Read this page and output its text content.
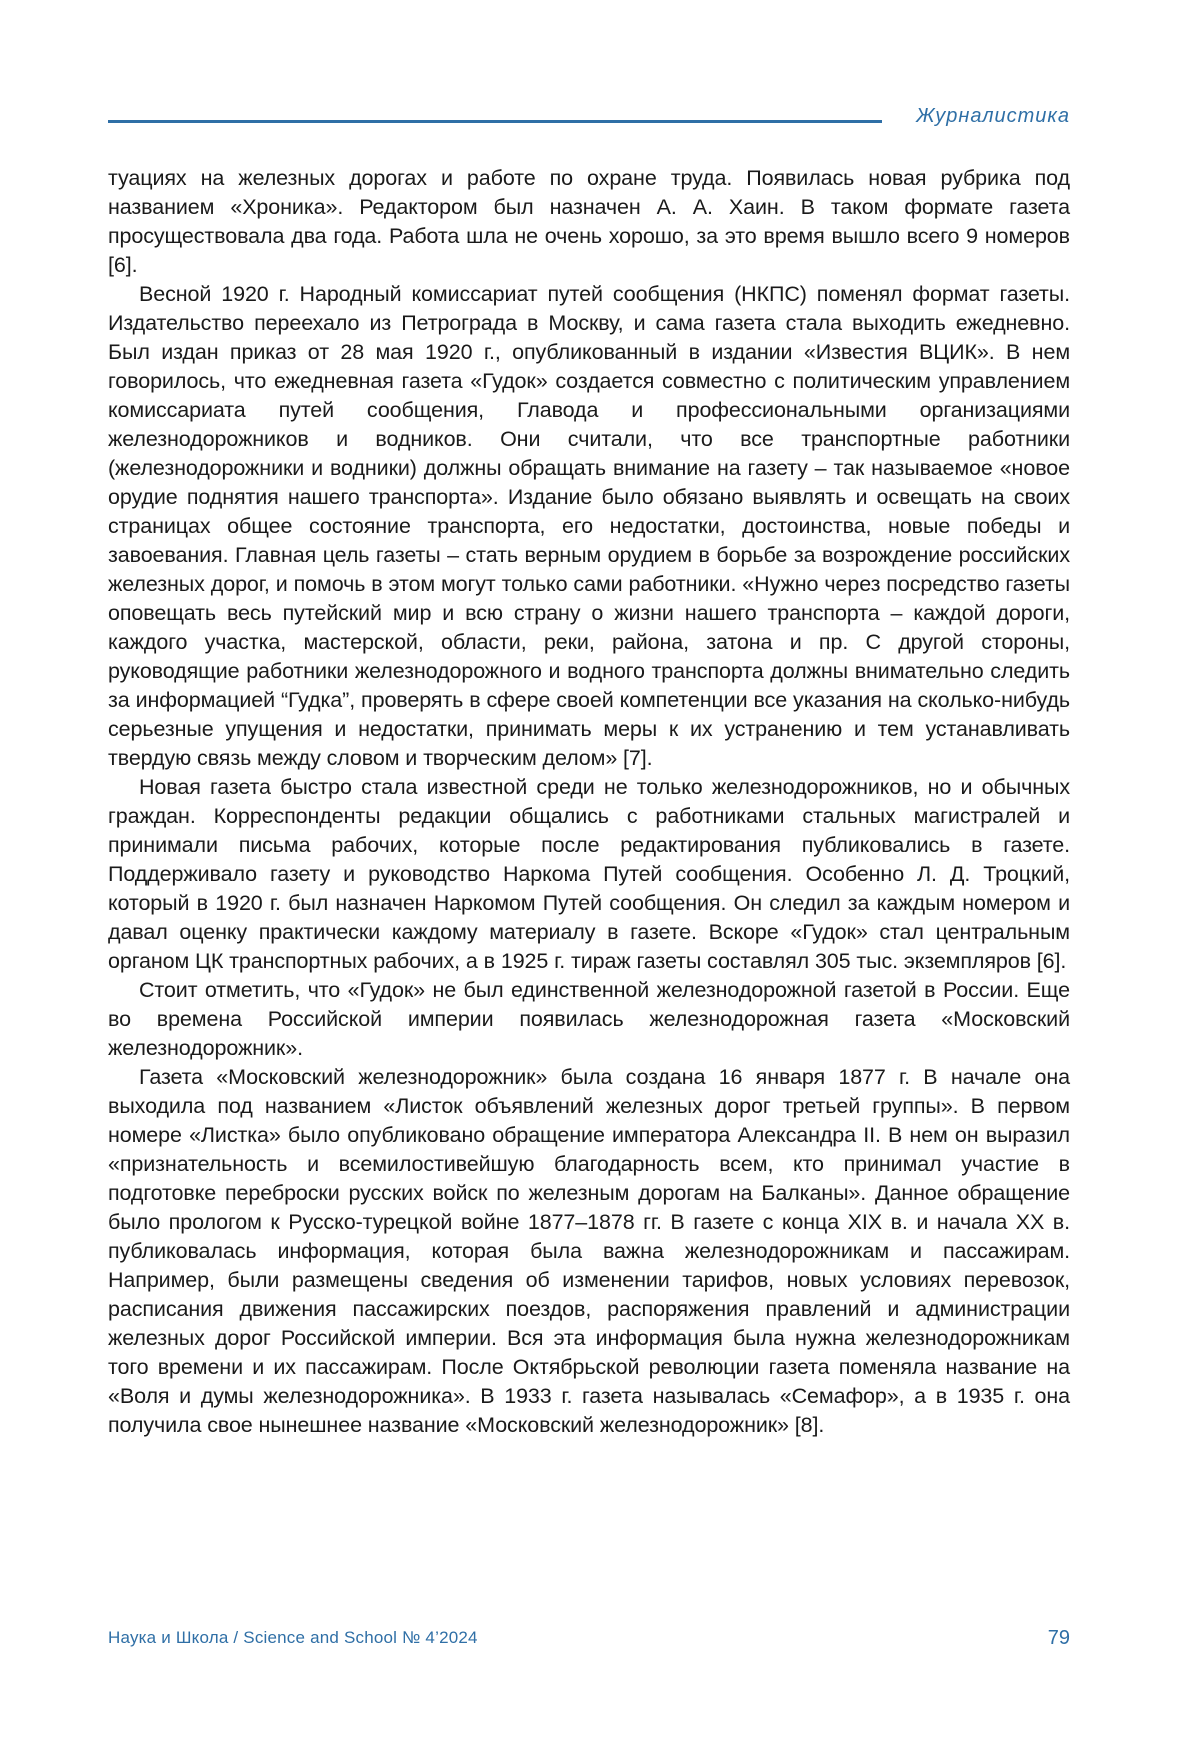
Журналистика

туациях на железных дорогах и работе по охране труда. Появилась новая рубрика под названием «Хроника». Редактором был назначен А. А. Хаин. В таком формате газета просуществовала два года. Работа шла не очень хорошо, за это время вышло всего 9 номеров [6].

Весной 1920 г. Народный комиссариат путей сообщения (НКПС) поменял формат газеты. Издательство переехало из Петрограда в Москву, и сама газета стала выходить ежедневно. Был издан приказ от 28 мая 1920 г., опубликованный в издании «Известия ВЦИК». В нем говорилось, что ежедневная газета «Гудок» создается совместно с политическим управлением комиссариата путей сообщения, Главода и профессиональными организациями железнодорожников и водников. Они считали, что все транспортные работники (железнодорожники и водники) должны обращать внимание на газету – так называемое «новое орудие поднятия нашего транспорта». Издание было обязано выявлять и освещать на своих страницах общее состояние транспорта, его недостатки, достоинства, новые победы и завоевания. Главная цель газеты – стать верным орудием в борьбе за возрождение российских железных дорог, и помочь в этом могут только сами работники. «Нужно через посредство газеты оповещать весь путейский мир и всю страну о жизни нашего транспорта – каждой дороги, каждого участка, мастерской, области, реки, района, затона и пр. С другой стороны, руководящие работники железнодорожного и водного транспорта должны внимательно следить за информацией “Гудка”, проверять в сфере своей компетенции все указания на сколько-нибудь серьезные упущения и недостатки, принимать меры к их устранению и тем устанавливать твердую связь между словом и творческим делом» [7].

Новая газета быстро стала известной среди не только железнодорожников, но и обычных граждан. Корреспонденты редакции общались с работниками стальных магистралей и принимали письма рабочих, которые после редактирования публиковались в газете. Поддерживало газету и руководство Наркома Путей сообщения. Особенно Л. Д. Троцкий, который в 1920 г. был назначен Наркомом Путей сообщения. Он следил за каждым номером и давал оценку практически каждому материалу в газете. Вскоре «Гудок» стал центральным органом ЦК транспортных рабочих, а в 1925 г. тираж газеты составлял 305 тыс. экземпляров [6].

Стоит отметить, что «Гудок» не был единственной железнодорожной газетой в России. Еще во времена Российской империи появилась железнодорожная газета «Московский железнодорожник».

Газета «Московский железнодорожник» была создана 16 января 1877 г. В начале она выходила под названием «Листок объявлений железных дорог третьей группы». В первом номере «Листка» было опубликовано обращение императора Александра II. В нем он выразил «признательность и всемилостивейшую благодарность всем, кто принимал участие в подготовке переброски русских войск по железным дорогам на Балканы». Данное обращение было прологом к Русско-турецкой войне 1877–1878 гг. В газете с конца XIX в. и начала XX в. публиковалась информация, которая была важна железнодорожникам и пассажирам. Например, были размещены сведения об изменении тарифов, новых условиях перевозок, расписания движения пассажирских поездов, распоряжения правлений и администрации железных дорог Российской империи. Вся эта информация была нужна железнодорожникам того времени и их пассажирам. После Октябрьской революции газета поменяла название на «Воля и думы железнодорожника». В 1933 г. газета называлась «Семафор», а в 1935 г. она получила свое нынешнее название «Московский железнодорожник» [8].

Наука и Школа / Science and School № 4’2024	79
